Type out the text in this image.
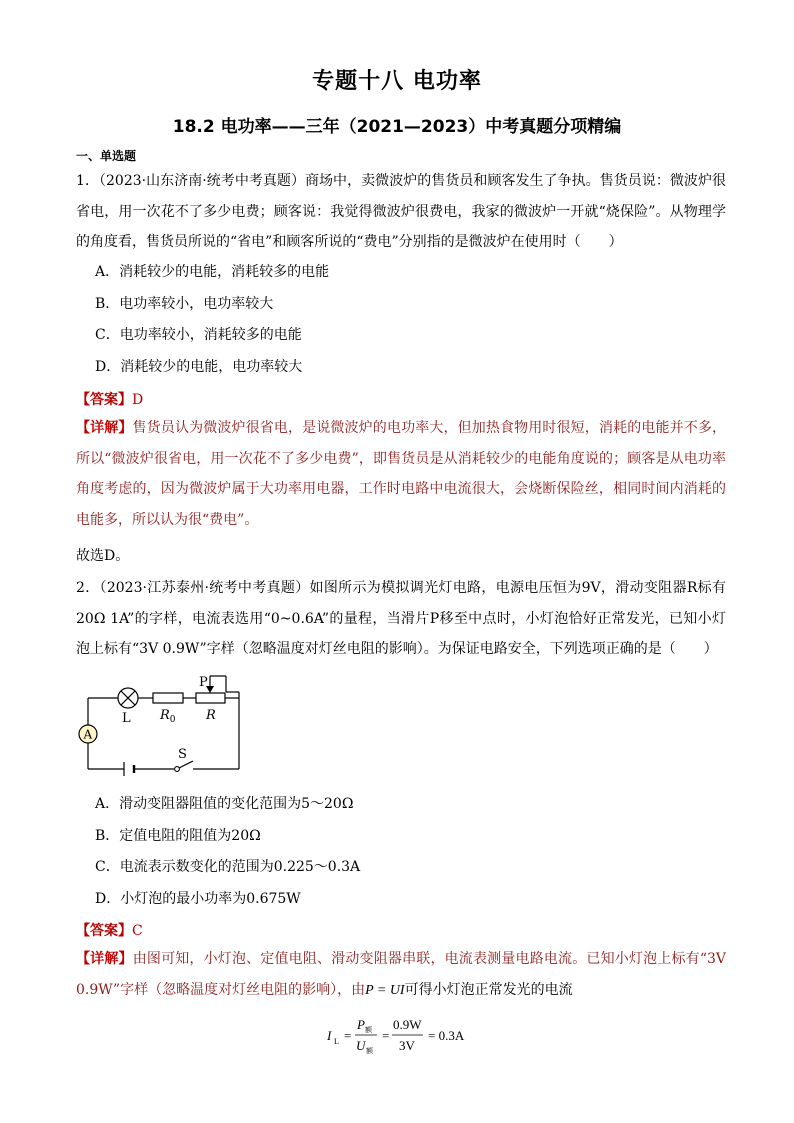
专题十八 电功率
18.2 电功率——三年（2021—2023）中考真题分项精编
一、单选题
1．（2023·山东济南·统考中考真题）商场中，卖微波炉的售货员和顾客发生了争执。售货员说：微波炉很省电，用一次花不了多少电费；顾客说：我觉得微波炉很费电，我家的微波炉一开就“烧保险”。从物理学的角度看，售货员所说的“省电”和顾客所说的“费电”分别指的是微波炉在使用时（　　）
A．消耗较少的电能，消耗较多的电能
B．电功率较小，电功率较大
C．电功率较小，消耗较多的电能
D．消耗较少的电能，电功率较大
【答案】D
【详解】售货员认为微波炉很省电，是说微波炉的电功率大，但加热食物用时很短，消耗的电能并不多，所以“微波炉很省电，用一次花不了多少电费”，即售货员是从消耗较少的电能角度说的；顾客是从电功率角度考虑的，因为微波炉属于大功率用电器，工作时电路中电流很大，会烧断保险丝，相同时间内消耗的电能多，所以认为很“费电”。
故选D。
2．（2023·江苏泰州·统考中考真题）如图所示为模拟调光灯电路，电源电压恒为9V，滑动变阻器R标有20Ω 1A”的字样，电流表选用“0~0.6A”的量程，当滑片P移至中点时，小灯泡恰好正常发光，已知小灯泡上标有“3V 0.9W”字样（忽略温度对灯丝电阻的影响）。为保证电路安全，下列选项正确的是（　　）
L $R_0$ R
P
A
S
A．滑动变阻器阻值的变化范围为5～20Ω
B．定值电阻的阻值为20Ω
C．电流表示数变化的范围为0.225～0.3A
D．小灯泡的最小功率为0.675W
【答案】C
【详解】由图可知，小灯泡、定值电阻、滑动变阻器串联，电流表测量电路电流。已知小灯泡上标有“3V 0.9W”字样（忽略温度对灯丝电阻的影响），由P = UI可得小灯泡正常发光的电流
I L =
P 额
U 额
=
0.9W
3V
= 0.3A
